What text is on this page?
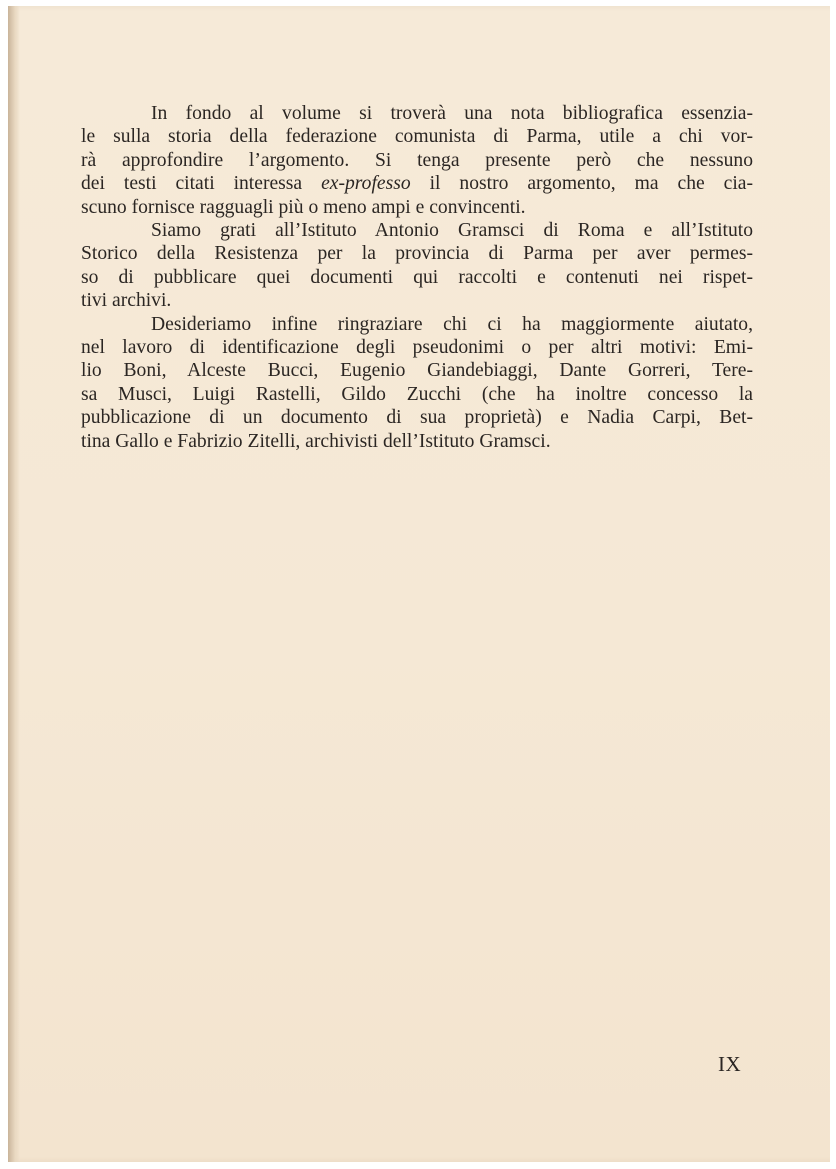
In fondo al volume si troverà una nota bibliografica essenzia-
le sulla storia della federazione comunista di Parma, utile a chi vor-
rà approfondire l’argomento. Si tenga presente però che nessuno
dei testi citati interessa ex-professo il nostro argomento, ma che cia-
scuno fornisce ragguagli più o meno ampi e convincenti.

Siamo grati all’Istituto Antonio Gramsci di Roma e all’Istituto
Storico della Resistenza per la provincia di Parma per aver permes-
so di pubblicare quei documenti qui raccolti e contenuti nei rispet-
tivi archivi.

Desideriamo infine ringraziare chi ci ha maggiormente aiutato,
nel lavoro di identificazione degli pseudonimi o per altri motivi: Emi-
lio Boni, Alceste Bucci, Eugenio Giandebiaggi, Dante Gorreri, Tere-
sa Musci, Luigi Rastelli, Gildo Zucchi (che ha inoltre concesso la
pubblicazione di un documento di sua proprietà) e Nadia Carpi, Bet-
tina Gallo e Fabrizio Zitelli, archivisti dell’Istituto Gramsci.

IX
